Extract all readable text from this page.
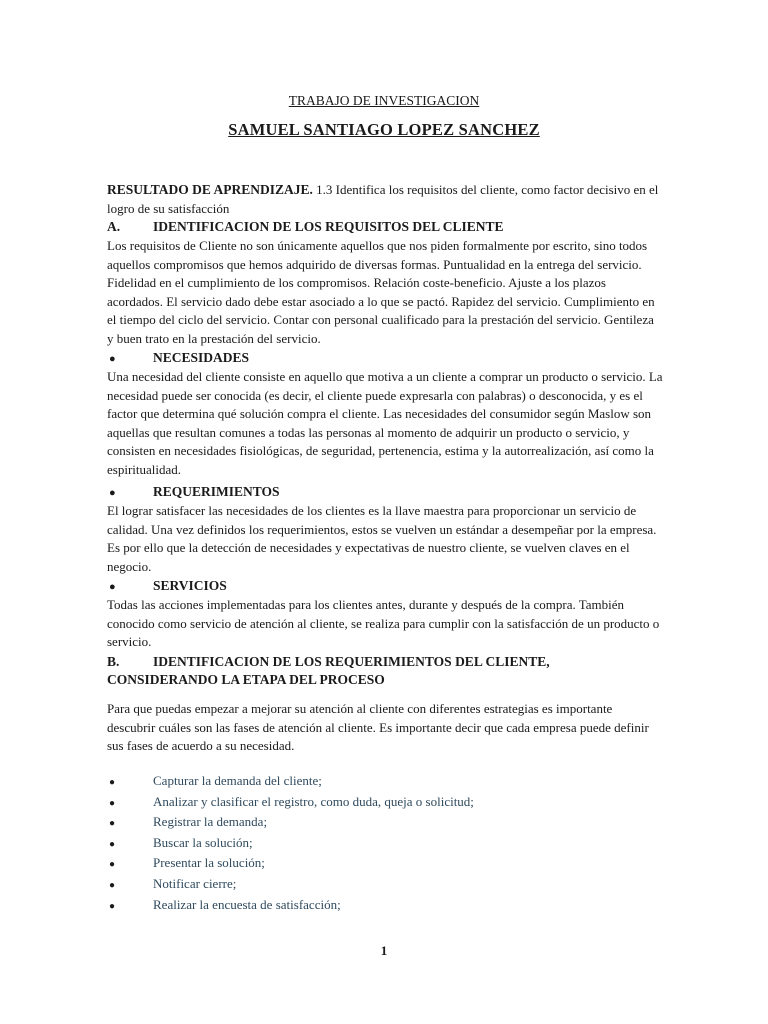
TRABAJO DE INVESTIGACION

SAMUEL SANTIAGO LOPEZ SANCHEZ

RESULTADO DE APRENDIZAJE. 1.3 Identifica los requisitos del cliente, como factor decisivo en el logro de su satisfacción

A. IDENTIFICACION DE LOS REQUISITOS DEL CLIENTE

Los requisitos de Cliente no son únicamente aquellos que nos piden formalmente por escrito, sino todos aquellos compromisos que hemos adquirido de diversas formas. Puntualidad en la entrega del servicio. Fidelidad en el cumplimiento de los compromisos. Relación coste-beneficio. Ajuste a los plazos acordados. El servicio dado debe estar asociado a lo que se pactó. Rapidez del servicio. Cumplimiento en el tiempo del ciclo del servicio. Contar con personal cualificado para la prestación del servicio. Gentileza y buen trato en la prestación del servicio.

●	NECESIDADES

Una necesidad del cliente consiste en aquello que motiva a un cliente a comprar un producto o servicio. La necesidad puede ser conocida (es decir, el cliente puede expresarla con palabras) o desconocida, y es el factor que determina qué solución compra el cliente. Las necesidades del consumidor según Maslow son aquellas que resultan comunes a todas las personas al momento de adquirir un producto o servicio, y consisten en necesidades fisiológicas, de seguridad, pertenencia, estima y la autorrealización, así como la espiritualidad.

●	REQUERIMIENTOS

El lograr satisfacer las necesidades de los clientes es la llave maestra para proporcionar un servicio de calidad. Una vez definidos los requerimientos, estos se vuelven un estándar a desempeñar por la empresa. Es por ello que la detección de necesidades y expectativas de nuestro cliente, se vuelven claves en el negocio.

●	SERVICIOS

Todas las acciones implementadas para los clientes antes, durante y después de la compra. También conocido como servicio de atención al cliente, se realiza para cumplir con la satisfacción de un producto o servicio.

B. IDENTIFICACION DE LOS REQUERIMIENTOS DEL CLIENTE,

CONSIDERANDO LA ETAPA DEL PROCESO

Para que puedas empezar a mejorar su atención al cliente con diferentes estrategias es importante descubrir cuáles son las fases de atención al cliente. Es importante decir que cada empresa puede definir sus fases de acuerdo a su necesidad.

●	Capturar la demanda del cliente;
●	Analizar y clasificar el registro, como duda, queja o solicitud;
●	Registrar la demanda;
●	Buscar la solución;
●	Presentar la solución;
●	Notificar cierre;
●	Realizar la encuesta de satisfacción;
1
